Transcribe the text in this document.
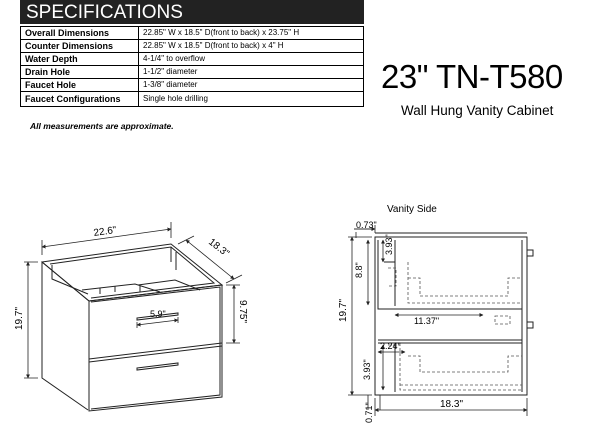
SPECIFICATIONS
Overall Dimensions	22.85" W x 18.5" D(front to back) x 23.75" H
Counter Dimensions	22.85" W x 18.5" D(front to back) x 4" H
Water Depth	4-1/4" to overflow
Drain Hole	1-1/2" diameter
Faucet Hole	1-3/8" diameter
Faucet Configurations	Single hole drilling
All measurements are approximate.
23" TN-T580
Wall Hung Vanity Cabinet
22.6"
18.3"
19.7"	9.75"
5.9"
Vanity Side
0.73"
3.93"
8.8"
19.7"	11.37"
2.24"
3.93"
0.71"	18.3"
